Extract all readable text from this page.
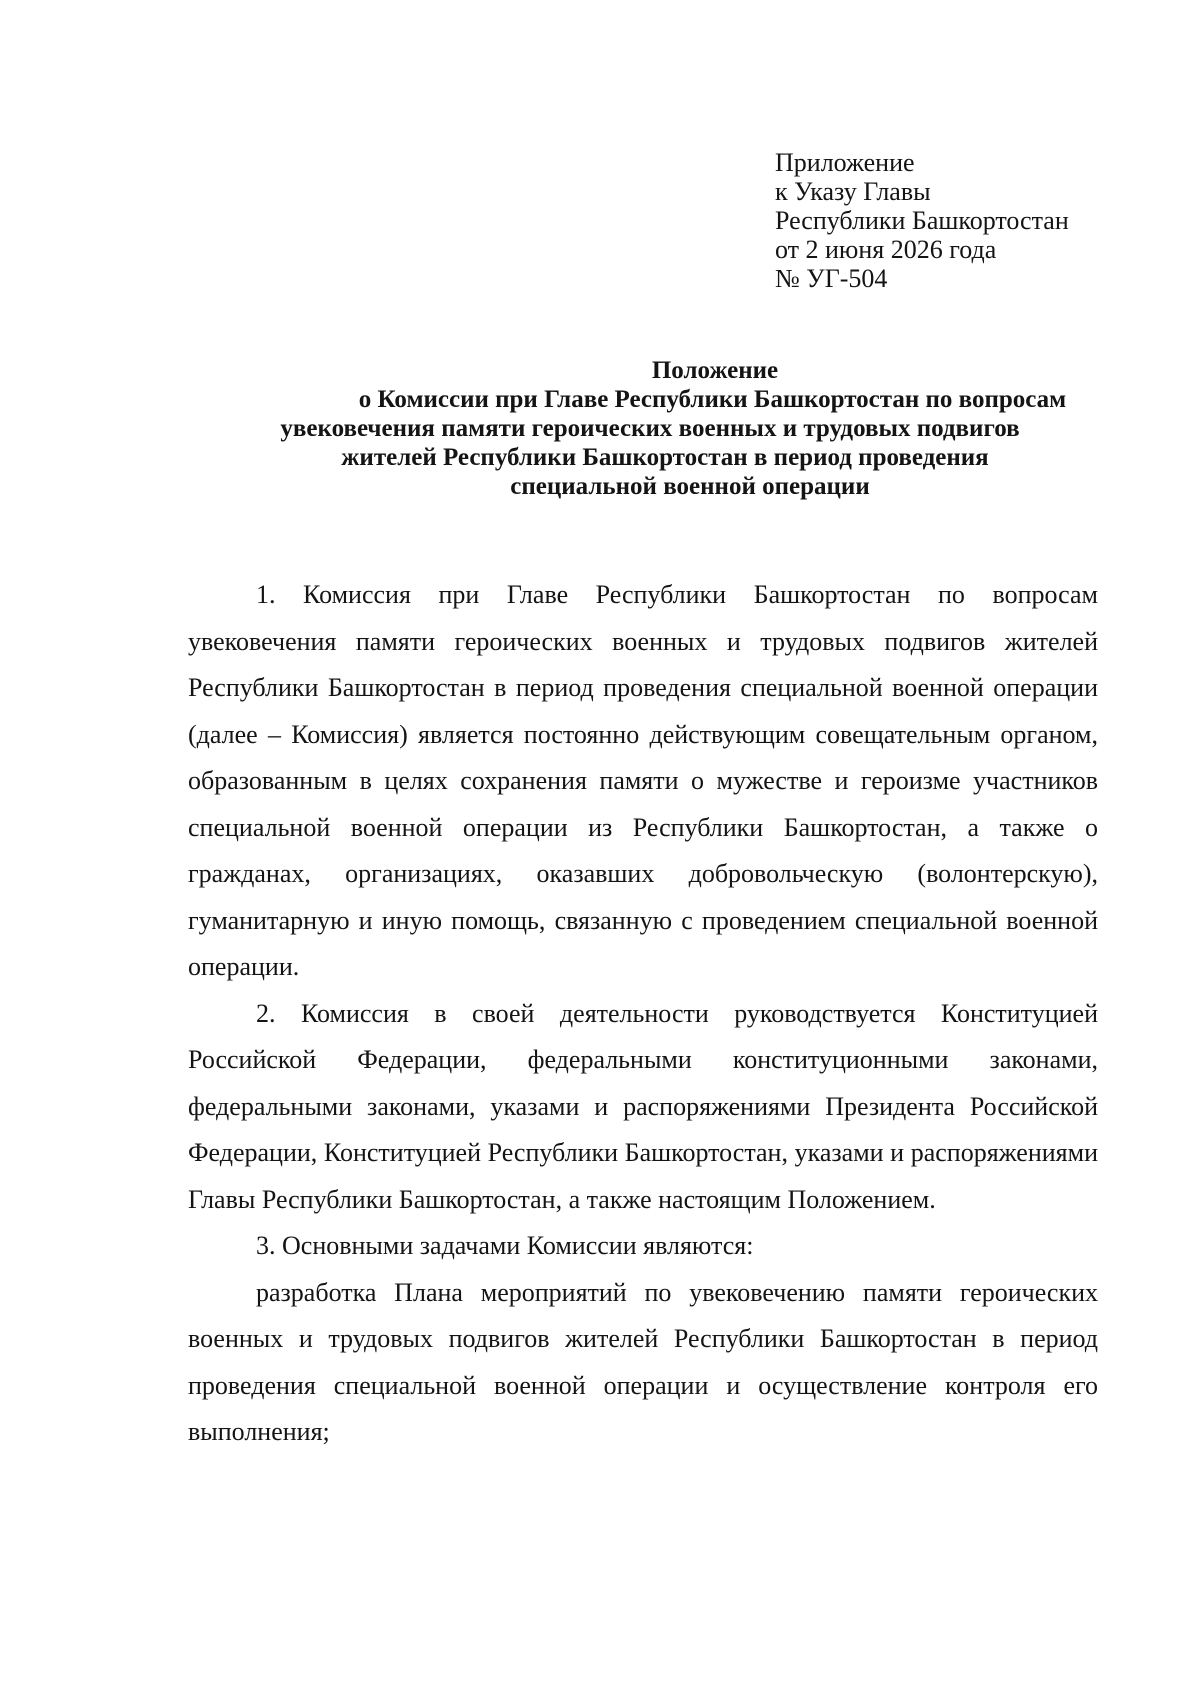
Приложение
к Указу Главы
Республики Башкортостан
от 2 июня 2026 года
№ УГ-504
Положение
о Комиссии при Главе Республики Башкортостан по вопросам
увековечения памяти героических военных и трудовых подвигов
жителей Республики Башкортостан в период проведения
специальной военной операции

1. Комиссия при Главе Республики Башкортостан по вопросам увековечения памяти героических военных и трудовых подвигов жителей Республики Башкортостан в период проведения специальной военной операции (далее – Комиссия) является постоянно действующим совещательным органом, образованным в целях сохранения памяти о мужестве и героизме участников специальной военной операции из Республики Башкортостан, а также о гражданах, организациях, оказавших добровольческую (волонтерскую), гуманитарную и иную помощь, связанную с проведением специальной военной операции.

2. Комиссия в своей деятельности руководствуется Конституцией Российской Федерации, федеральными конституционными законами, федеральными законами, указами и распоряжениями Президента Российской Федерации, Конституцией Республики Башкортостан, указами и распоряжениями Главы Республики Башкортостан, а также настоящим Положением.

3. Основными задачами Комиссии являются:

разработка Плана мероприятий по увековечению памяти героических военных и трудовых подвигов жителей Республики Башкортостан в период проведения специальной военной операции и осуществление контроля его выполнения;
